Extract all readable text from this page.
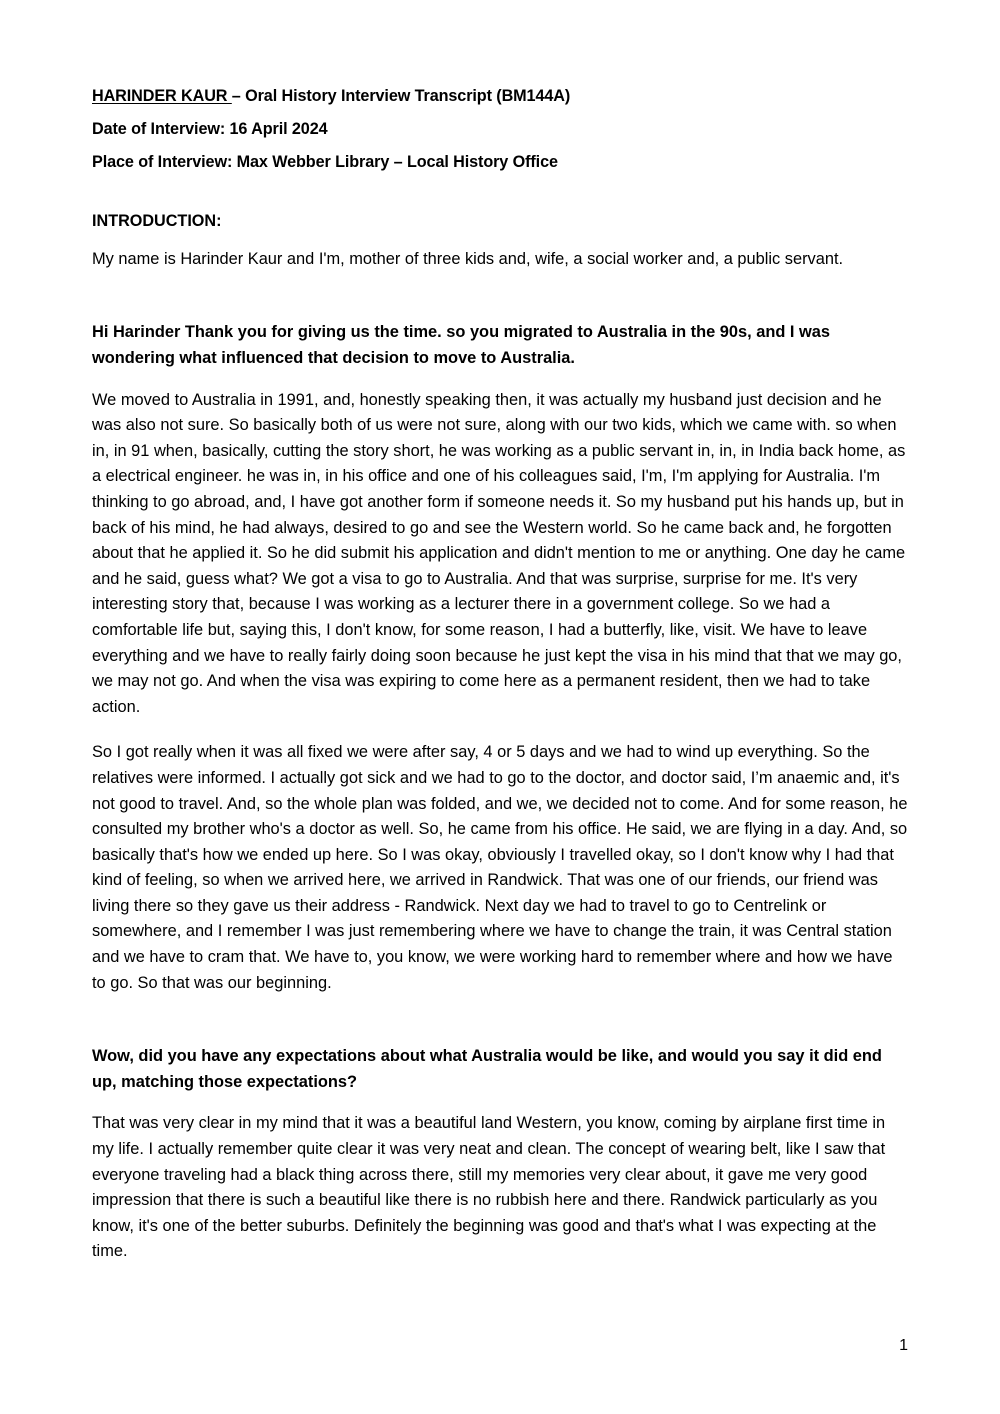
HARINDER KAUR – Oral History Interview Transcript (BM144A)

Date of Interview: 16 April 2024

Place of Interview: Max Webber Library – Local History Office

INTRODUCTION:

My name is Harinder Kaur and I'm, mother of three kids and, wife, a social worker and, a public servant.

Hi Harinder Thank you for giving us the time. so you migrated to Australia in the 90s, and I was wondering what influenced that decision to move to Australia.

We moved to Australia in 1991, and, honestly speaking then, it was actually my husband just decision and he was also not sure. So basically both of us were not sure, along with our two kids, which we came with. so when in, in 91 when, basically, cutting the story short, he was working as a public servant in, in, in India back home, as a electrical engineer. he was in, in his office and one of his colleagues said, I'm, I'm applying for Australia. I'm thinking to go abroad, and, I have got another form if someone needs it. So my husband put his hands up, but in back of his mind, he had always, desired to go and see the Western world. So he came back and, he forgotten about that he applied it. So he did submit his application and didn't mention to me or anything. One day he came and he said, guess what? We got a visa to go to Australia. And that was surprise, surprise for me. It's very interesting story that, because I was working as a lecturer there in a government college. So we had a comfortable life but, saying this, I don't know, for some reason, I had a butterfly, like, visit. We have to leave everything and we have to really fairly doing soon because he just kept the visa in his mind that that we may go, we may not go. And when the visa was expiring to come here as a permanent resident, then we had to take action.

So I got really when it was all fixed we were after say, 4 or 5 days and we had to wind up everything. So the relatives were informed. I actually got sick and we had to go to the doctor, and doctor said, I’m anaemic and, it's not good to travel. And, so the whole plan was folded, and we, we decided not to come. And for some reason, he consulted my brother who's a doctor as well. So, he came from his office. He said, we are flying in a day. And, so basically that's how we ended up here. So I was okay, obviously I travelled okay, so I don't know why I had that kind of feeling, so when we arrived here, we arrived in Randwick. That was one of our friends, our friend was living there so they gave us their address - Randwick. Next day we had to travel to go to Centrelink or somewhere, and I remember I was just remembering where we have to change the train, it was Central station and we have to cram that. We have to, you know, we were working hard to remember where and how we have to go. So that was our beginning.

Wow, did you have any expectations about what Australia would be like, and would you say it did end up, matching those expectations?

That was very clear in my mind that it was a beautiful land Western, you know, coming by airplane first time in my life. I actually remember quite clear it was very neat and clean. The concept of wearing belt, like I saw that everyone traveling had a black thing across there, still my memories very clear about, it gave me very good impression that there is such a beautiful like there is no rubbish here and there. Randwick particularly as you know, it's one of the better suburbs. Definitely the beginning was good and that's what I was expecting at the time.

1
